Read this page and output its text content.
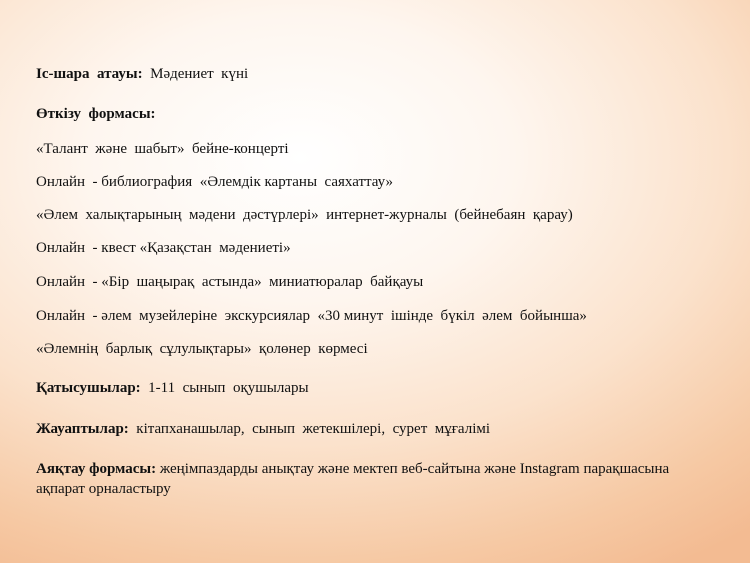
Іс-шара  атауы:  Мәдениет  күні

Өткізу  формасы:

«Талант  және  шабыт»  бейне-концерті

Онлайн  - библиография  «Әлемдік картаны  саяхаттау»

«Әлем  халықтарының  мәдени  дәстүрлері»  интернет-журналы  (бейнебаян  қарау)

Онлайн  - квест «Қазақстан  мәдениеті»

Онлайн  - «Бір  шаңырақ  астында»  миниатюралар  байқауы

Онлайн  - әлем  музейлеріне  экскурсиялар  «30 минут  ішінде  бүкіл  әлем  бойынша»

«Әлемнің  барлық  сұлулықтары»  қолөнер  көрмесі

Қатысушылар:  1-11  сынып  оқушылары

Жауаптылар:  кітапханашылар,  сынып  жетекшілері,  сурет  мұғалімі

Аяқтау формасы: жеңімпаздарды анықтау және мектеп веб-сайтына және Instagram парақшасына ақпарат орналастыру
